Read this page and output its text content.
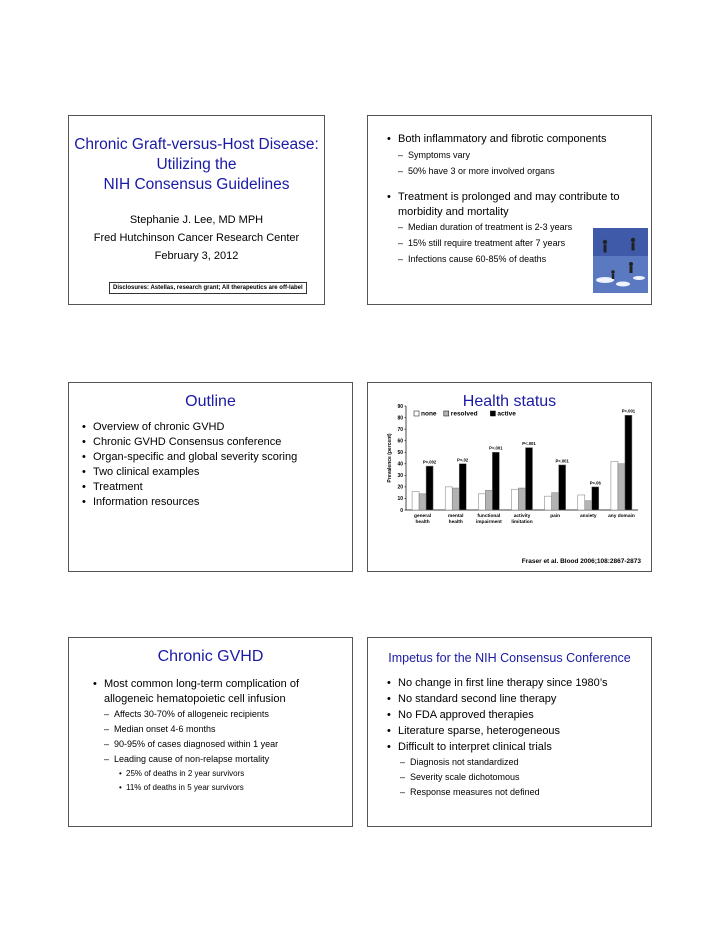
Chronic Graft-versus-Host Disease:
Utilizing the
NIH Consensus Guidelines
Stephanie J. Lee, MD MPH
Fred Hutchinson Cancer Research Center
February 3, 2012
Disclosures: Astellas, research grant; All therapeutics are off-label
• Both inflammatory and fibrotic components
– Symptoms vary
– 50% have 3 or more involved organs
• Treatment is prolonged and may contribute to
morbidity and mortality
– Median duration of treatment is 2-3 years
– 15% still require treatment after 7 years
– Infections cause 60-85% of deaths
Outline
• Overview of chronic GVHD
• Chronic GVHD Consensus conference
• Organ-specific and global severity scoring
• Two clinical examples
• Treatment
• Information resources
Health status
Prevalence (percent)
0
10
20
30
40
50
60
70
80
90
none resolved	active
P=.002
general
health
P=.02
mental
health
P<.001
functional
impairment
P<.001
activity
limitation
P<.001
pain
P=.06
anxiety
P<.001
any domain
Fraser et al. Blood 2006;108:2867-2873
Chronic GVHD
• Most common long-term complication of
allogeneic hematopoietic cell infusion
– Affects 30-70% of allogeneic recipients
– Median onset 4-6 months
– 90-95% of cases diagnosed within 1 year
– Leading cause of non-relapse mortality
• 25% of deaths in 2 year survivors
• 11% of deaths in 5 year survivors
Impetus for the NIH Consensus Conference
• No change in first line therapy since 1980’s
• No standard second line therapy
• No FDA approved therapies
• Literature sparse, heterogeneous
• Difficult to interpret clinical trials
– Diagnosis not standardized
– Severity scale dichotomous
– Response measures not defined
